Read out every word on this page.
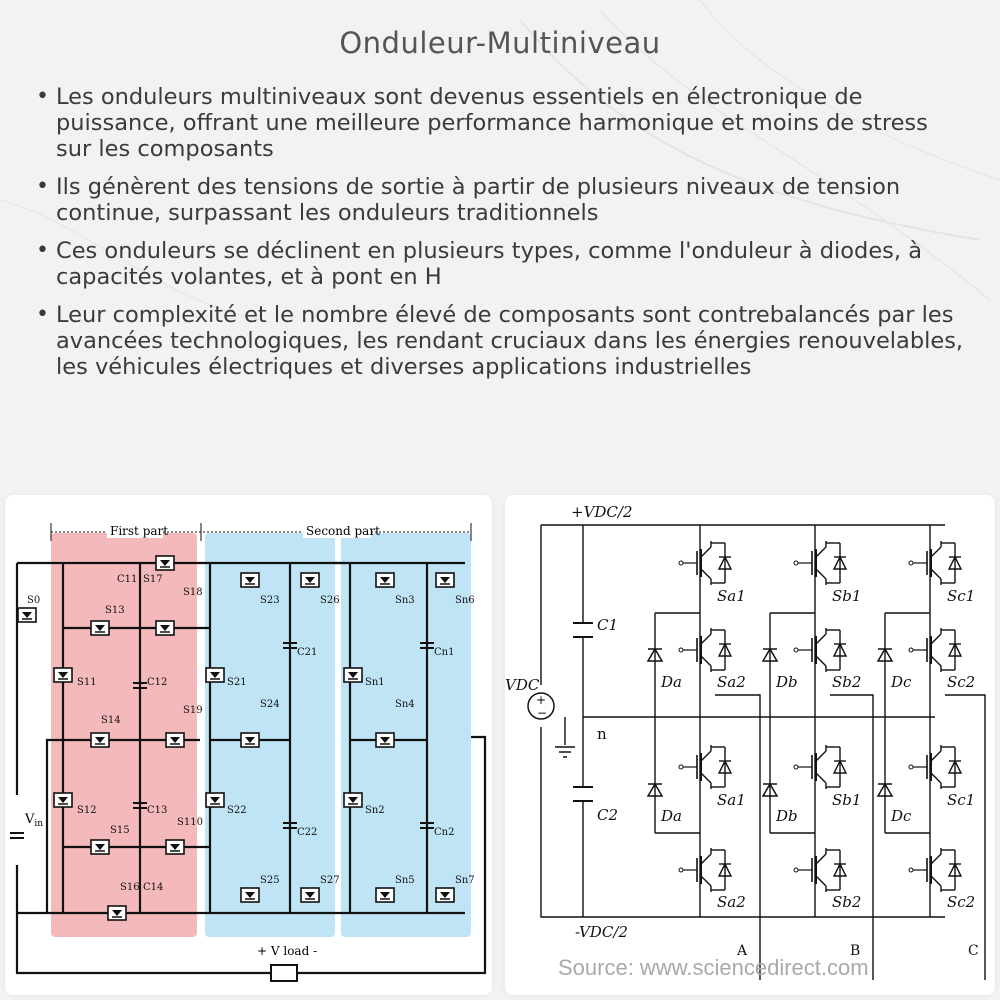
Onduleur-Multiniveau
• Les onduleurs multiniveaux sont devenus essentiels en électronique de puissance, offrant une meilleure performance harmonique et moins de stress sur les composants
• Ils génèrent des tensions de sortie à partir de plusieurs niveaux de tension continue, surpassant les onduleurs traditionnels
• Ces onduleurs se déclinent en plusieurs types, comme l'onduleur à diodes, à capacités volantes, et à pont en H
• Leur complexité et le nombre élevé de composants sont contrebalancés par les avancées technologiques, les rendant cruciaux dans les énergies renouvelables, les véhicules électriques et diverses applications industrielles
First part	Second part
+ V load -
S0
C11 S17
S18
S13
S11	C12
S14
S19
S12	C13
S15
S110
S16 C14
S23	S26
C21
S21
S24
S22
C22
S25	S27
Sn3	Sn6
Cn1
Sn1
Sn4
Sn2
Cn2
Sn5	Sn7
$V_{in}$
+
−
+VDC/2
-VDC/2
VDC
C1
C2
n
Sa1
Sa2
Sa1
Sa2
Sb1
Sb2
Sb1
Sb2
Sc1
Sc2
Sc1
Sc2
Da
Da
Db
Db
Dc
Dc
A	B	C
Source: www.sciencedirect.com
